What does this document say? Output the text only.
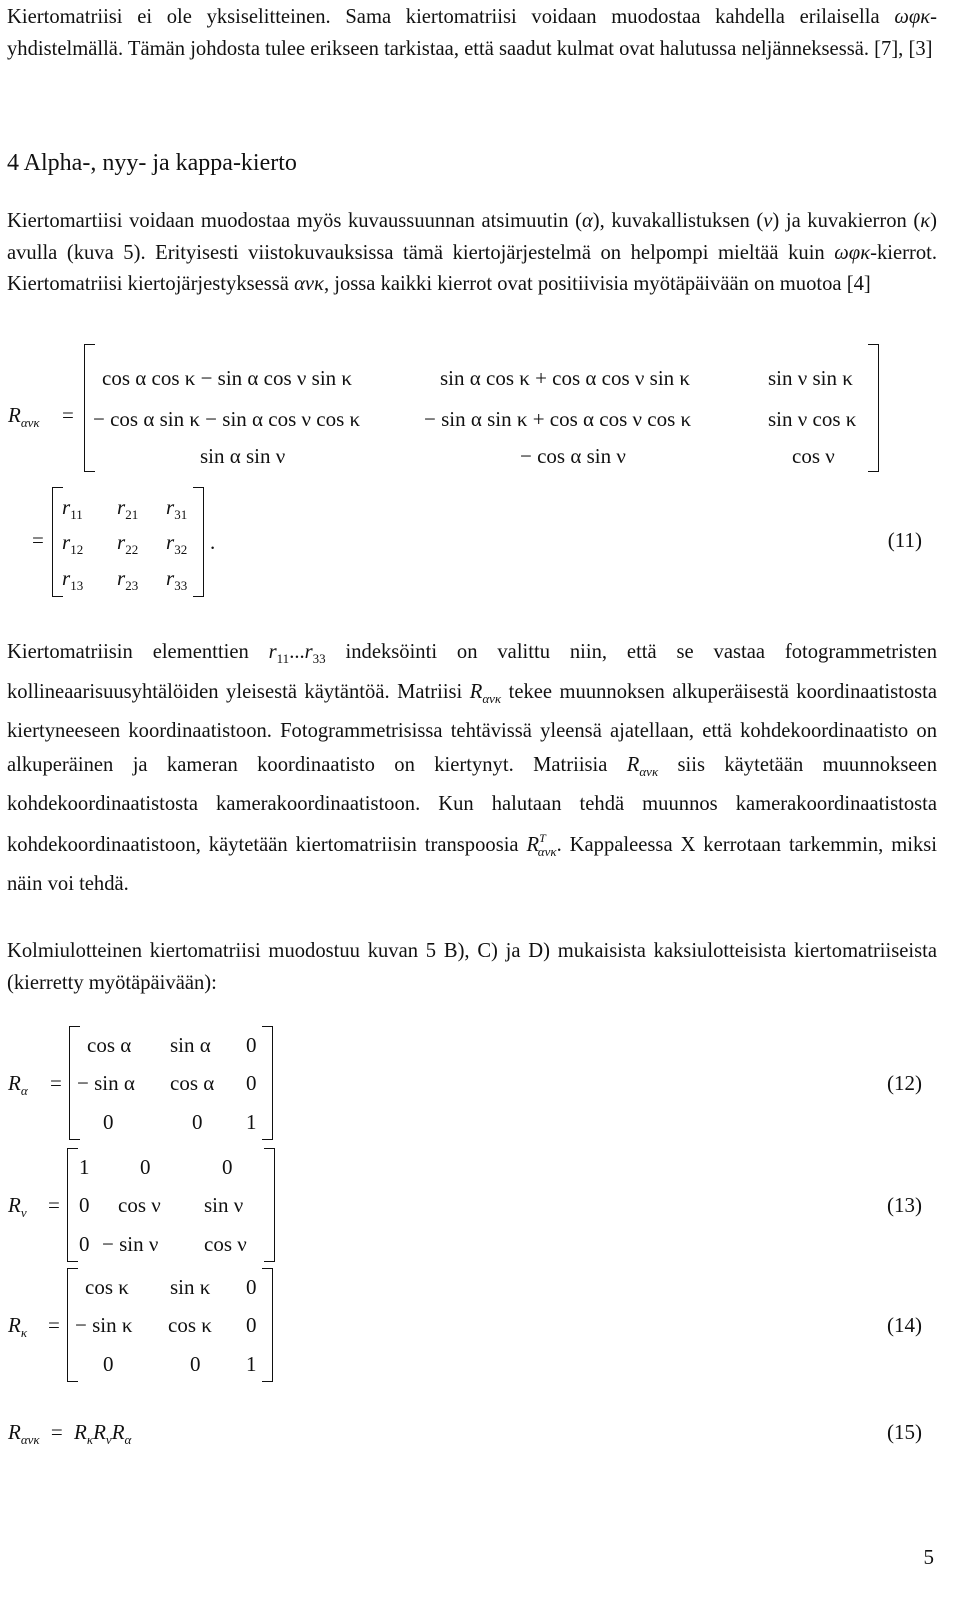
Kiertomatriisi ei ole yksiselitteinen. Sama kiertomatriisi voidaan muodostaa kahdella erilaisella ωφκ-yhdistelmällä. Tämän johdosta tulee erikseen tarkistaa, että saadut kulmat ovat halutussa neljänneksessä. [7], [3]
4 Alpha-, nyy- ja kappa-kierto
Kiertomartiisi voidaan muodostaa myös kuvaussuunnan atsimuutin (α), kuvakallistuksen (ν) ja kuvakierron (κ) avulla (kuva 5). Erityisesti viistokuvauksissa tämä kiertojärjestelmä on helpompi mieltää kuin ωφκ-kierrot. Kiertomatriisi kiertojärjestyksessä ανκ, jossa kaikki kierrot ovat positiivisia myötäpäivään on muotoa [4]
$R_{\alpha\nu\kappa}$ =
cos α cos κ − sin α cos ν sin κ	sin α cos κ + cos α cos ν sin κ	sin ν sin κ
− cos α sin κ − sin α cos ν cos κ	− sin α sin κ + cos α cos ν cos κ	sin ν cos κ
sin α sin ν	− cos α sin ν	cos ν
=
$r_{11}$ $r_{21}$ $r_{31}$
$r_{12}$ $r_{22}$ $r_{32}$
$r_{13}$ $r_{23}$ $r_{33}$
.	(11)
Kiertomatriisin elementtien $r_{11}...r_{33}$ indeksöinti on valittu niin, että se vastaa fotogrammetristen kollineaarisuusyhtälöiden yleisestä käytäntöä. Matriisi $R_{\alpha\nu\kappa}$ tekee muunnoksen alkuperäisestä koordinaatistosta kiertyneeseen koordinaatistoon. Fotogrammetrisissa tehtävissä yleensä ajatellaan, että kohdekoordinaatisto on alkuperäinen ja kameran koordinaatisto on kiertynyt. Matriisia $R_{\alpha\nu\kappa}$ siis käytetään muunnokseen kohdekoordinaatistosta kamerakoordinaatistoon. Kun halutaan tehdä muunnos kamerakoordinaatistosta kohdekoordinaatistoon, käytetään kiertomatriisin transpoosia $R^T_{\alpha\nu\kappa}$. Kappaleessa X kerrotaan tarkemmin, miksi näin voi tehdä.
Kolmiulotteinen kiertomatriisi muodostuu kuvan 5 B), C) ja D) mukaisista kaksiulotteisista kiertomatriiseista (kierretty myötäpäivään):
$R_\alpha$ =
cos α sin α 0
− sin α cos α 0
0	0 1
(12)
$R_\nu$ =
1 0	0
0 cos ν sin ν
0 − sin ν cos ν
(13)
$R_\kappa$ =
cos κ sin κ 0
− sin κ cos κ 0
0	0 1
(14)
$R_{\alpha\nu\kappa} = R_\kappa R_\nu R_\alpha$	(15)
5
